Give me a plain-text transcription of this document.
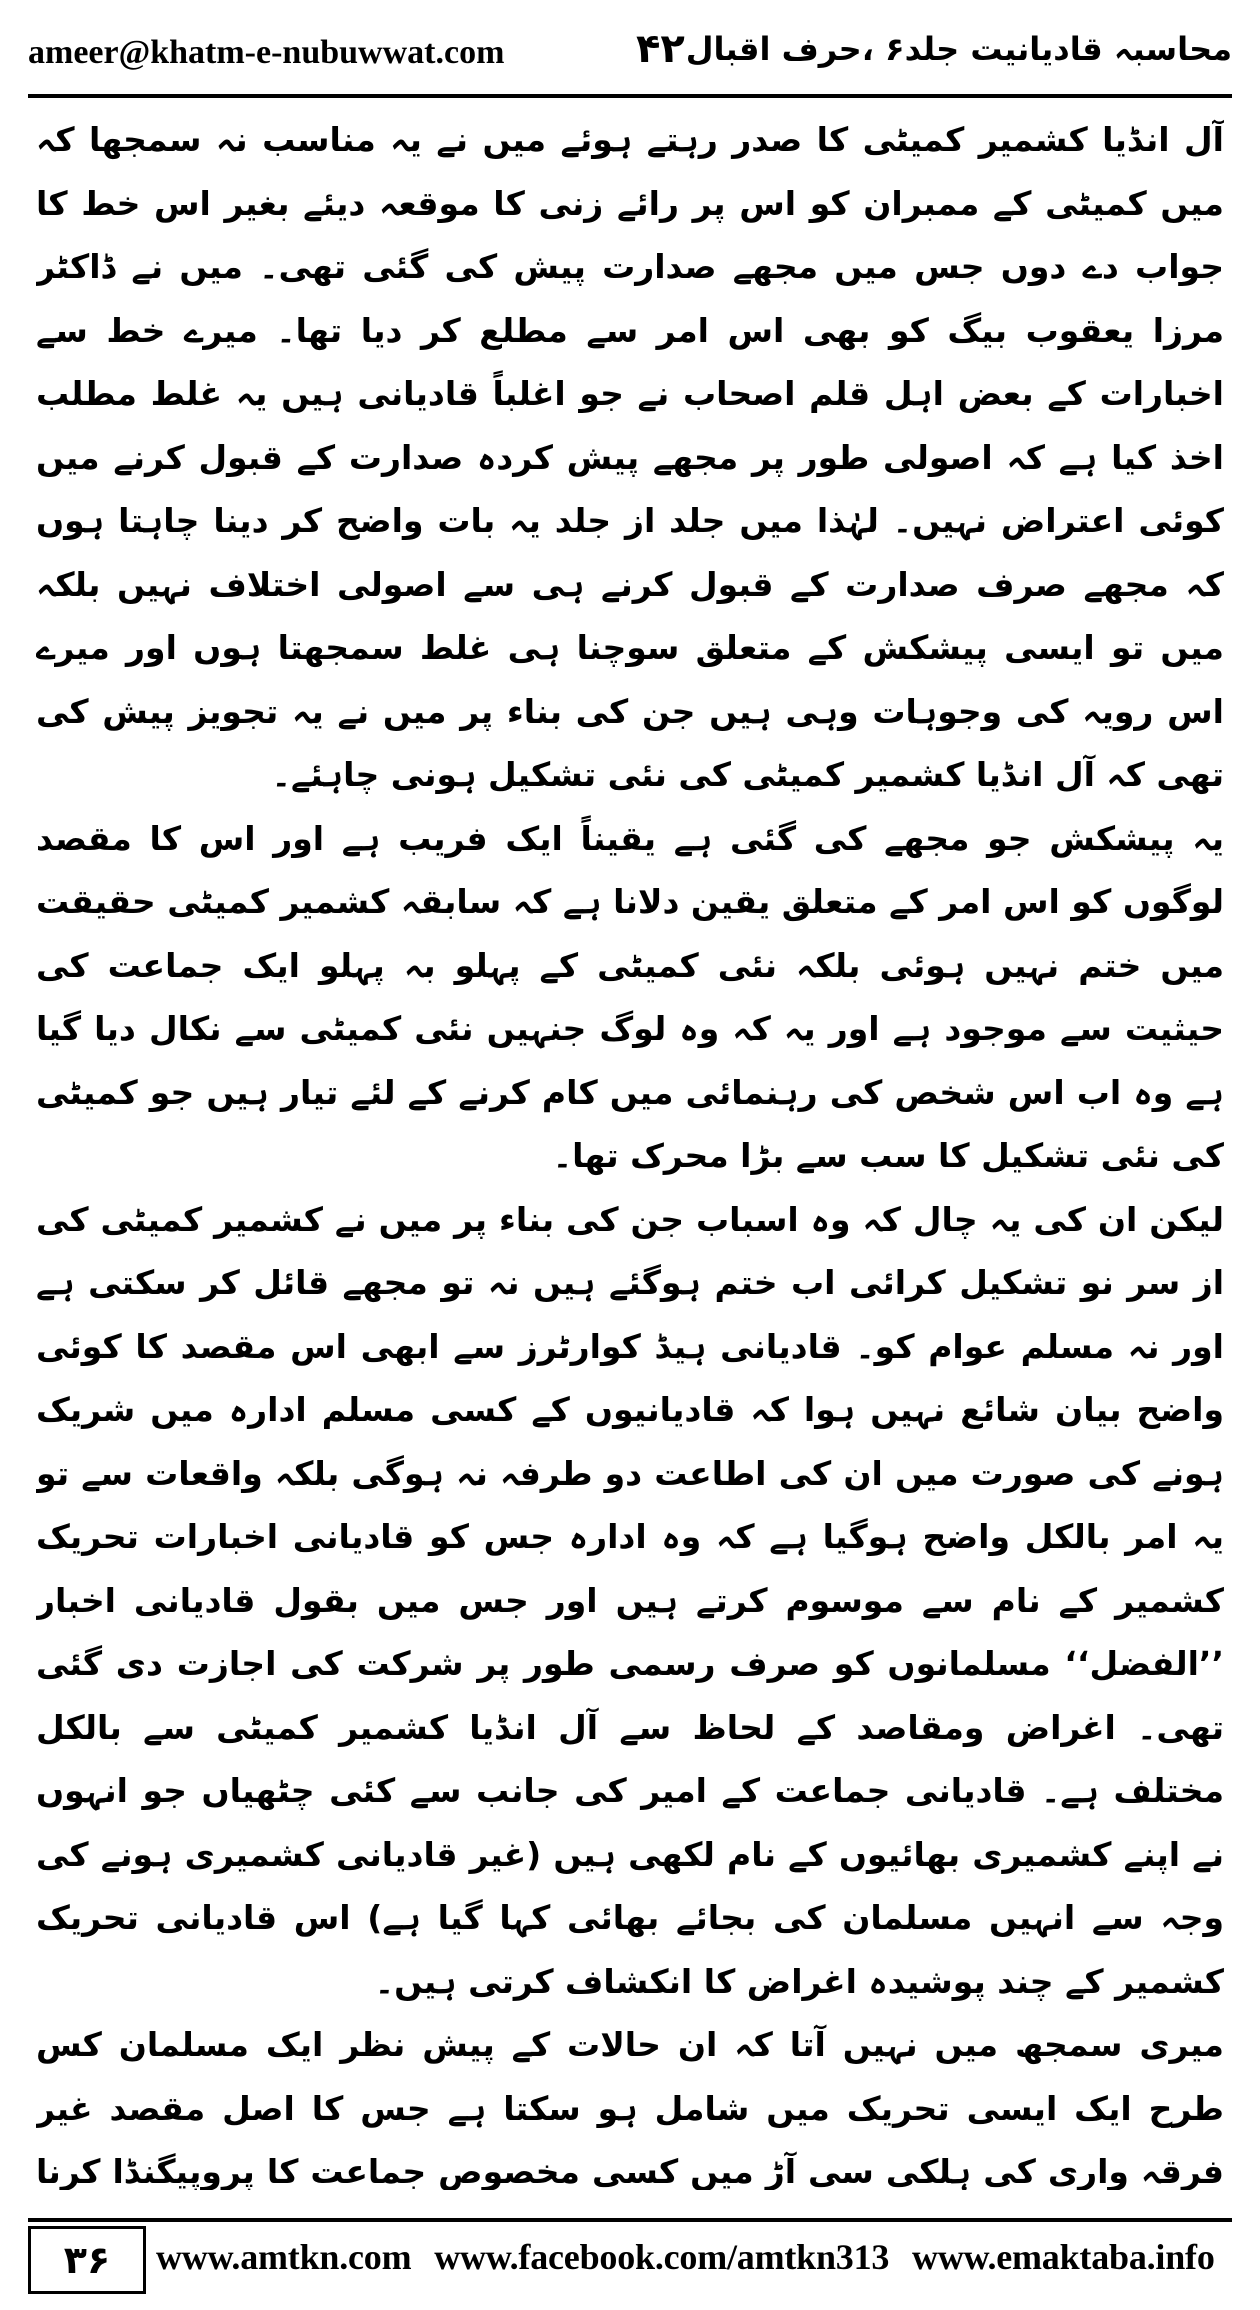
ameer@khatm-e-nubuwwat.com	۴۲ محاسبہ قادیانیت جلد۶ ،حرف اقبال

آل انڈیا کشمیر کمیٹی کا صدر رہتے ہوئے میں نے یہ مناسب نہ سمجھا کہ میں کمیٹی کے ممبران کو اس پر رائے زنی کا موقعہ دیئے بغیر اس خط کا جواب دے دوں جس میں مجھے صدارت پیش کی گئی تھی۔ میں نے ڈاکٹر مرزا یعقوب بیگ کو بھی اس امر سے مطلع کر دیا تھا۔ میرے خط سے اخبارات کے بعض اہل قلم اصحاب نے جو اغلباً قادیانی ہیں یہ غلط مطلب اخذ کیا ہے کہ اصولی طور پر مجھے پیش کردہ صدارت کے قبول کرنے میں کوئی اعتراض نہیں۔ لہٰذا میں جلد از جلد یہ بات واضح کر دینا چاہتا ہوں کہ مجھے صرف صدارت کے قبول کرنے ہی سے اصولی اختلاف نہیں بلکہ میں تو ایسی پیشکش کے متعلق سوچنا ہی غلط سمجھتا ہوں اور میرے اس رویہ کی وجوہات وہی ہیں جن کی بناء پر میں نے یہ تجویز پیش کی تھی کہ آل انڈیا کشمیر کمیٹی کی نئی تشکیل ہونی چاہئے۔

یہ پیشکش جو مجھے کی گئی ہے یقیناً ایک فریب ہے اور اس کا مقصد لوگوں کو اس امر کے متعلق یقین دلانا ہے کہ سابقہ کشمیر کمیٹی حقیقت میں ختم نہیں ہوئی بلکہ نئی کمیٹی کے پہلو بہ پہلو ایک جماعت کی حیثیت سے موجود ہے اور یہ کہ وہ لوگ جنہیں نئی کمیٹی سے نکال دیا گیا ہے وہ اب اس شخص کی رہنمائی میں کام کرنے کے لئے تیار ہیں جو کمیٹی کی نئی تشکیل کا سب سے بڑا محرک تھا۔

لیکن ان کی یہ چال کہ وہ اسباب جن کی بناء پر میں نے کشمیر کمیٹی کی از سر نو تشکیل کرائی اب ختم ہوگئے ہیں نہ تو مجھے قائل کر سکتی ہے اور نہ مسلم عوام کو۔ قادیانی ہیڈ کوارٹرز سے ابھی اس مقصد کا کوئی واضح بیان شائع نہیں ہوا کہ قادیانیوں کے کسی مسلم ادارہ میں شریک ہونے کی صورت میں ان کی اطاعت دو طرفہ نہ ہوگی بلکہ واقعات سے تو یہ امر بالکل واضح ہوگیا ہے کہ وہ ادارہ جس کو قادیانی اخبارات تحریک کشمیر کے نام سے موسوم کرتے ہیں اور جس میں بقول قادیانی اخبار ’’الفضل‘‘ مسلمانوں کو صرف رسمی طور پر شرکت کی اجازت دی گئی تھی۔ اغراض ومقاصد کے لحاظ سے آل انڈیا کشمیر کمیٹی سے بالکل مختلف ہے۔ قادیانی جماعت کے امیر کی جانب سے کئی چٹھیاں جو انہوں نے اپنے کشمیری بھائیوں کے نام لکھی ہیں (غیر قادیانی کشمیری ہونے کی وجہ سے انہیں مسلمان کی بجائے بھائی کہا گیا ہے) اس قادیانی تحریک کشمیر کے چند پوشیدہ اغراض کا انکشاف کرتی ہیں۔

میری سمجھ میں نہیں آتا کہ ان حالات کے پیش نظر ایک مسلمان کس طرح ایک ایسی تحریک میں شامل ہو سکتا ہے جس کا اصل مقصد غیر فرقہ واری کی ہلکی سی آڑ میں کسی مخصوص جماعت کا پروپیگنڈا کرنا

۳۶	www.amtkn.com www.facebook.com/amtkn313 www.emaktaba.info
